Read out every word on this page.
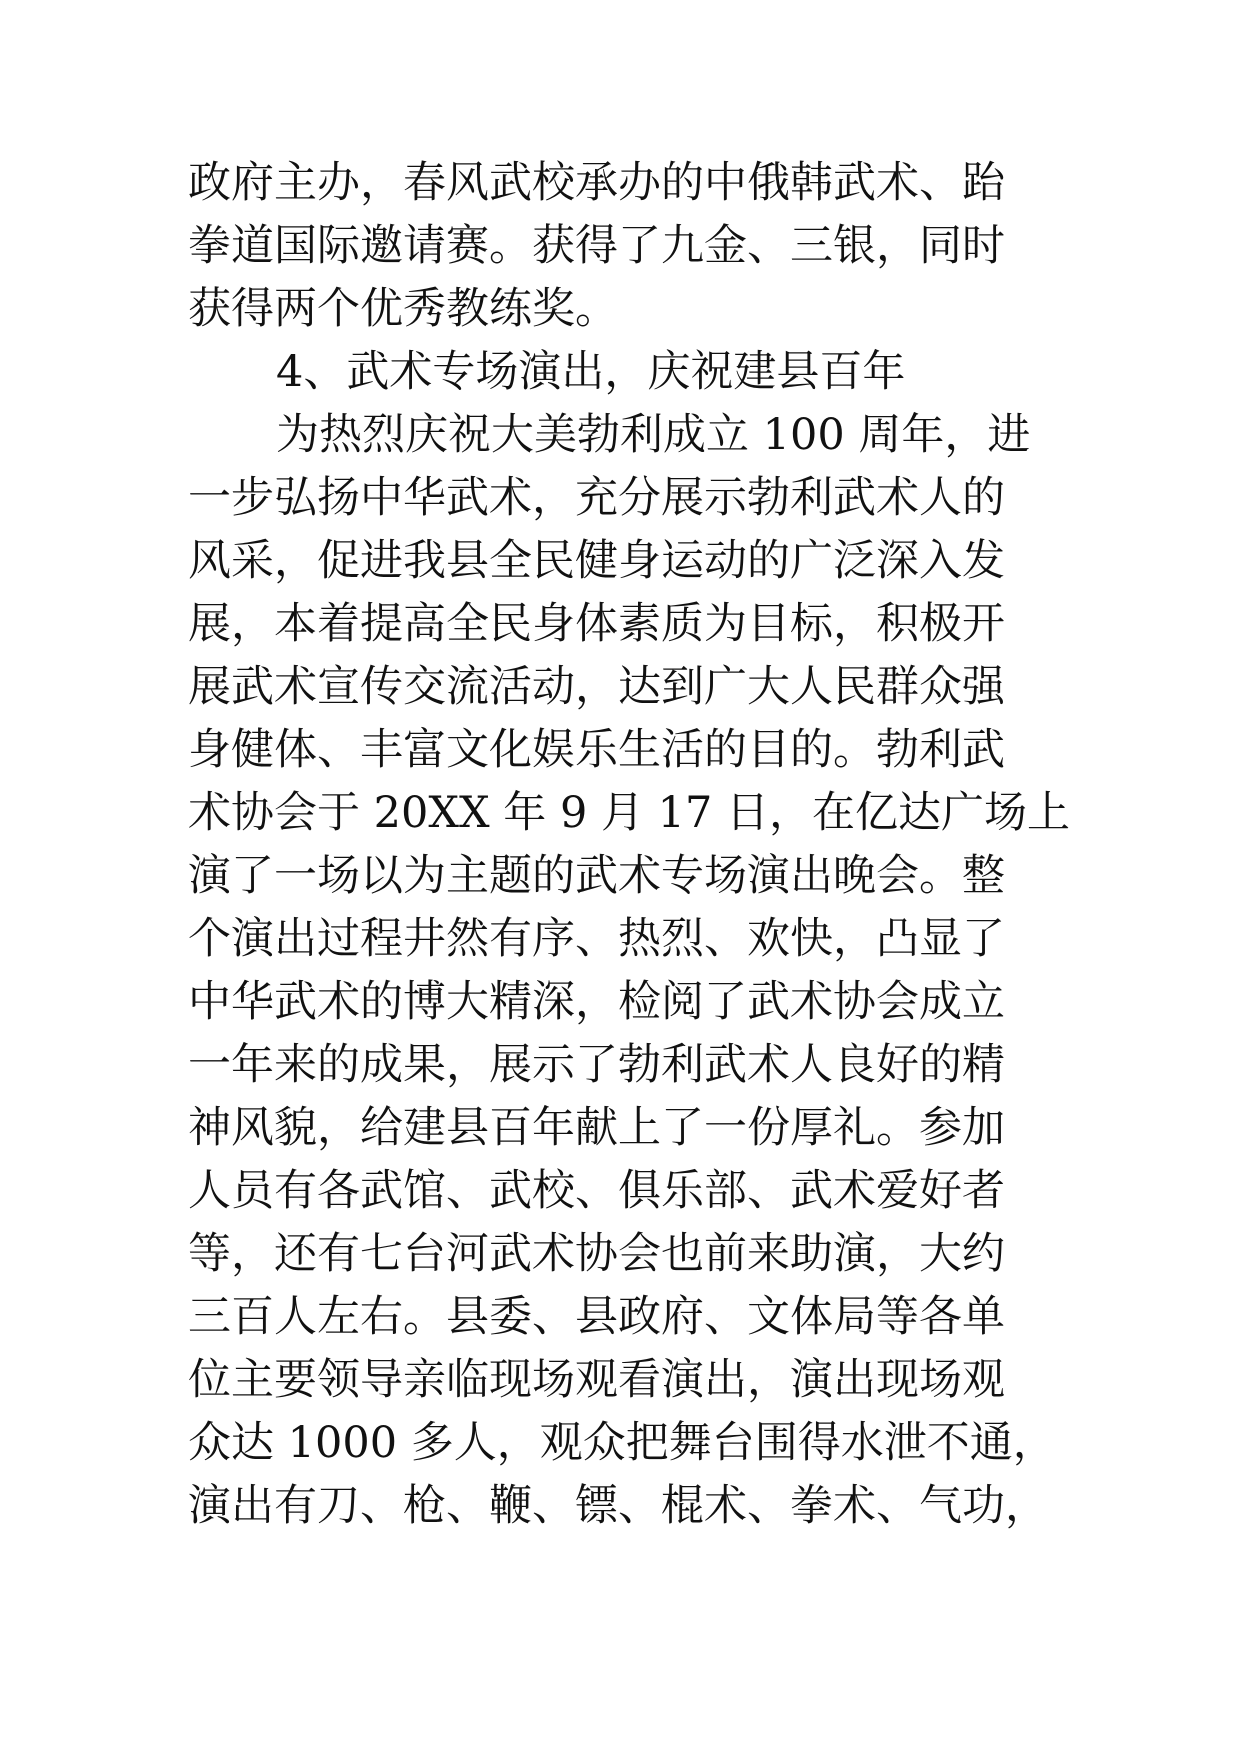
政府主办，春风武校承办的中俄韩武术、跆
拳道国际邀请赛。获得了九金、三银，同时
获得两个优秀教练奖。
4、武术专场演出，庆祝建县百年
为热烈庆祝大美勃利成立 100 周年，进
一步弘扬中华武术，充分展示勃利武术人的
风采，促进我县全民健身运动的广泛深入发
展，本着提高全民身体素质为目标，积极开
展武术宣传交流活动，达到广大人民群众强
身健体、丰富文化娱乐生活的目的。勃利武
术协会于 20XX 年 9 月 17 日，在亿达广场上
演了一场以为主题的武术专场演出晚会。整
个演出过程井然有序、热烈、欢快，凸显了
中华武术的博大精深，检阅了武术协会成立
一年来的成果，展示了勃利武术人良好的精
神风貌，给建县百年献上了一份厚礼。参加
人员有各武馆、武校、俱乐部、武术爱好者
等，还有七台河武术协会也前来助演，大约
三百人左右。县委、县政府、文体局等各单
位主要领导亲临现场观看演出，演出现场观
众达 1000 多人，观众把舞台围得水泄不通，
演出有刀、枪、鞭、镖、棍术、拳术、气功，
